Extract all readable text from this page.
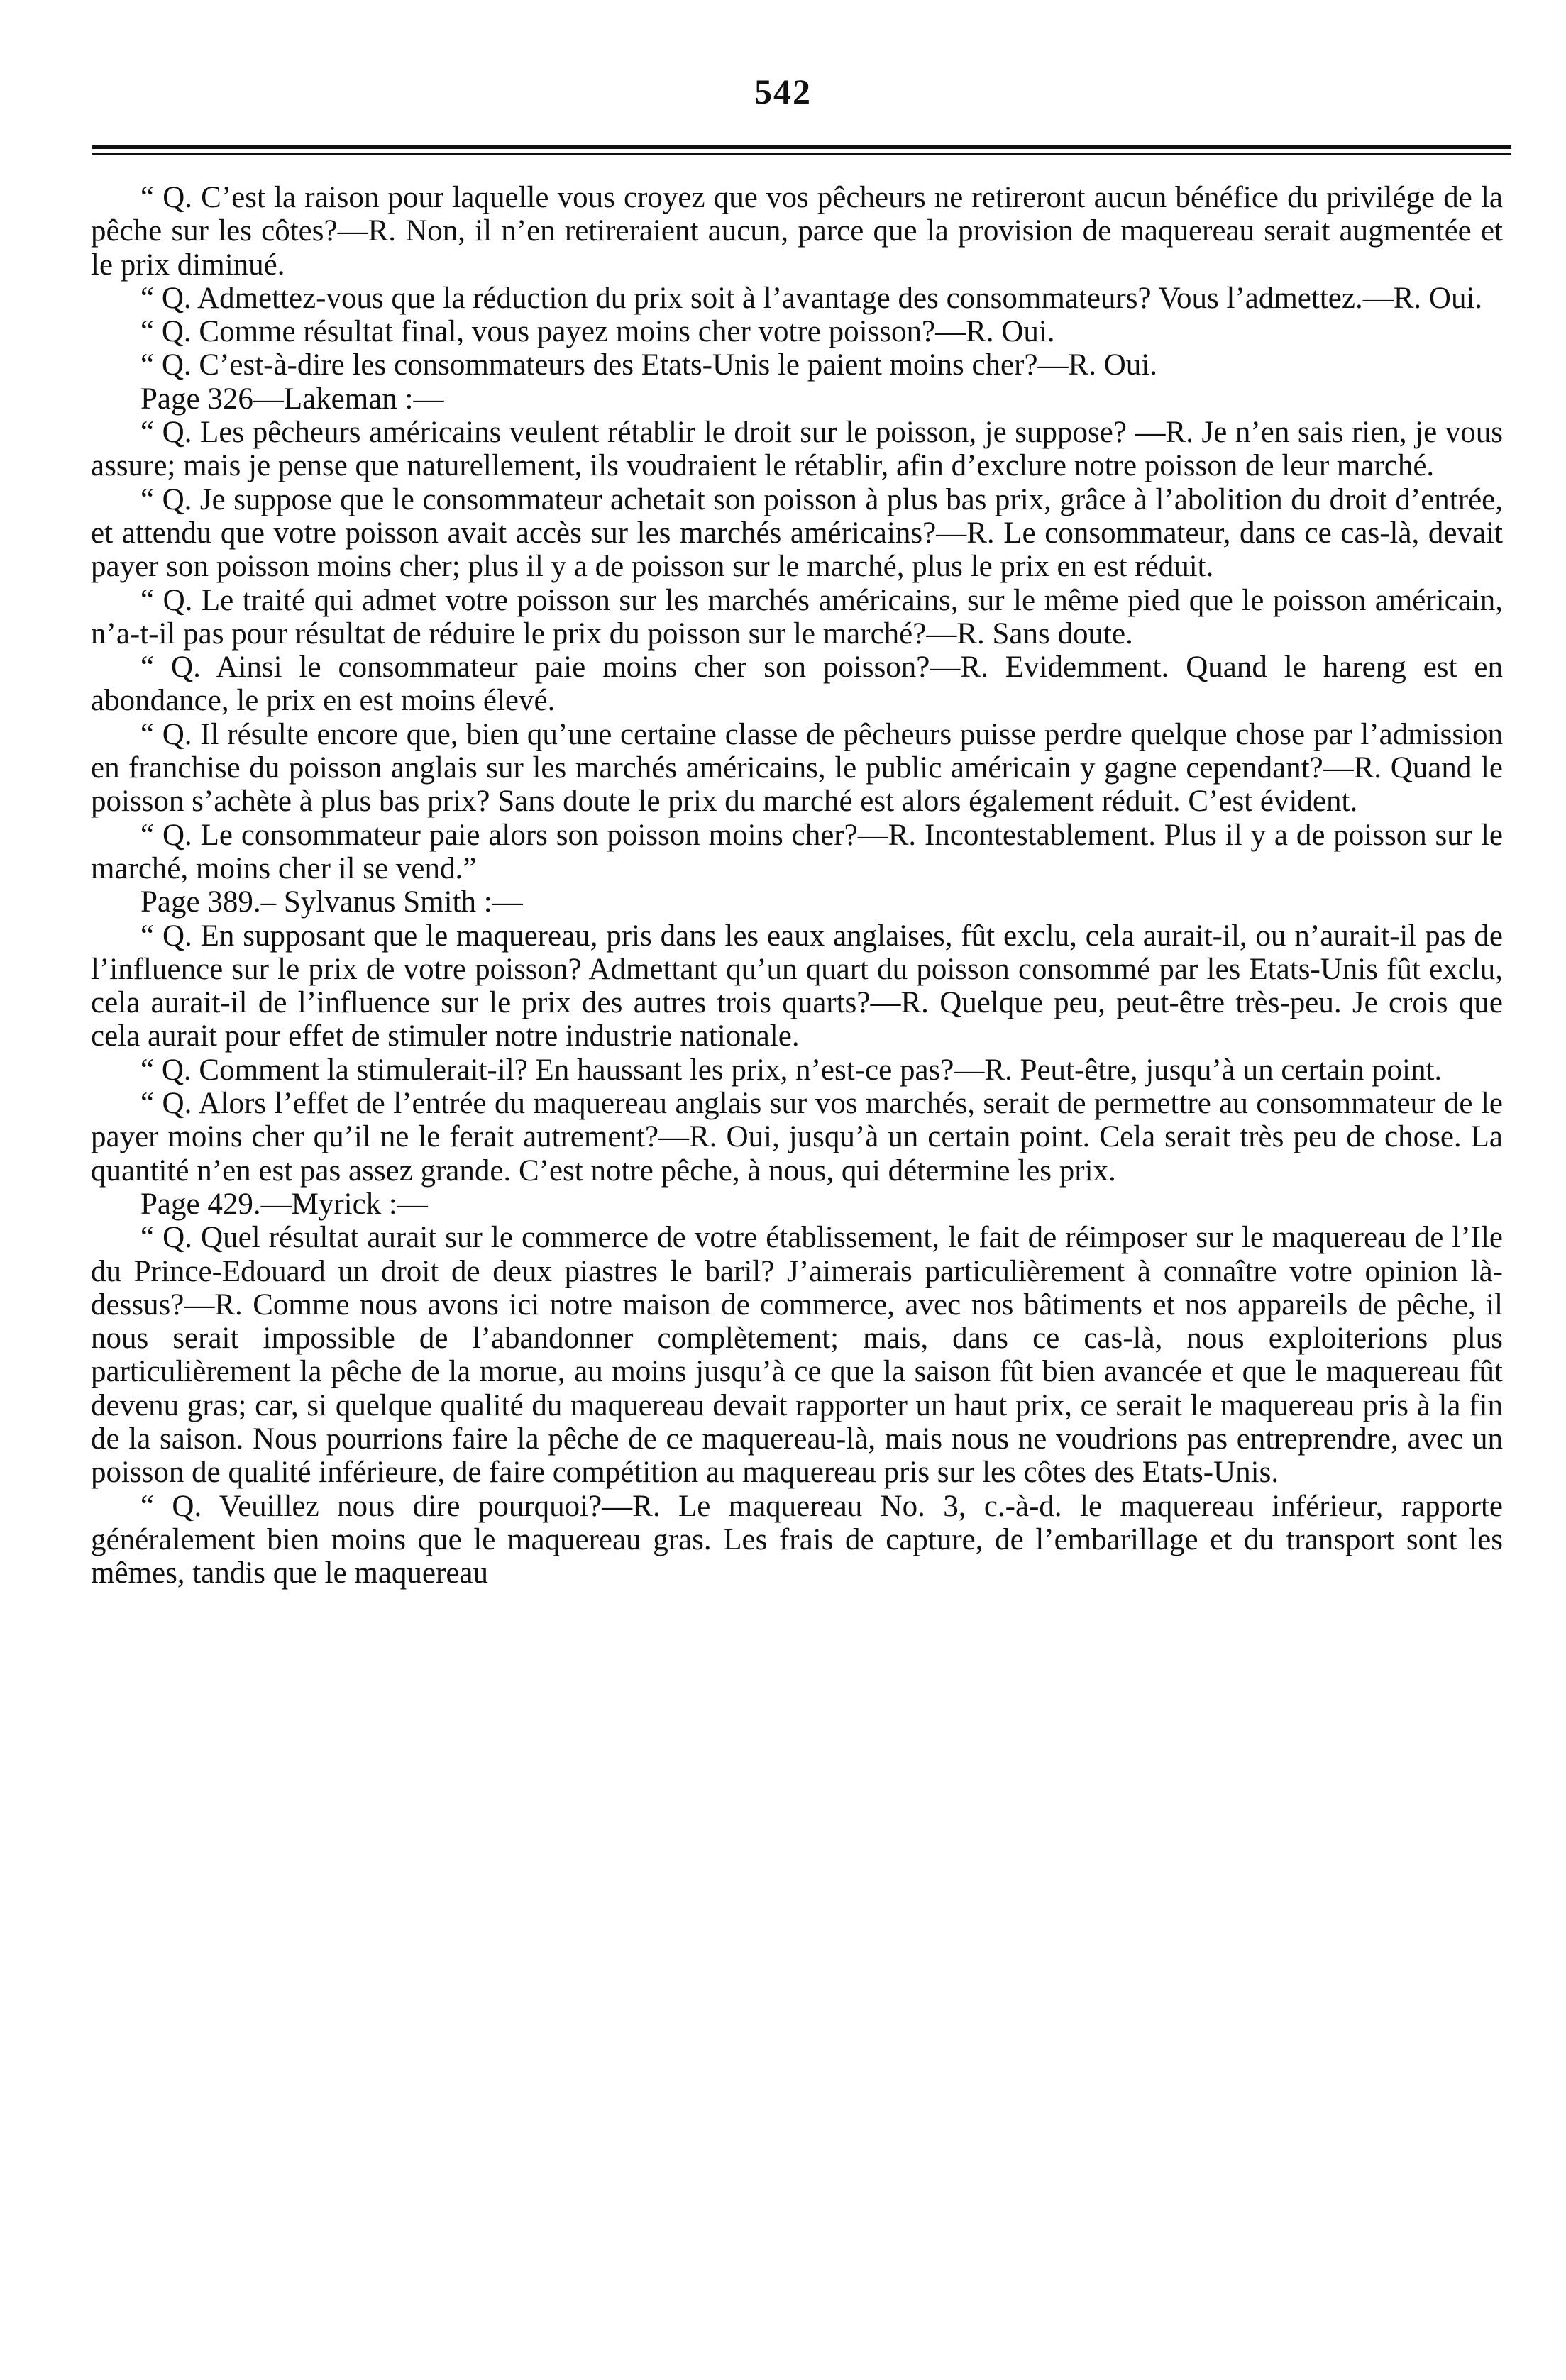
542

“ Q. C’est la raison pour laquelle vous croyez que vos pêcheurs ne retireront aucun bénéfice du privilége de la pêche sur les côtes?—R. Non, il n’en retireraient aucun, parce que la provision de maquereau serait augmentée et le prix diminué.

“ Q. Admettez-vous que la réduction du prix soit à l’avantage des consommateurs? Vous l’admettez.—R. Oui.

“ Q. Comme résultat final, vous payez moins cher votre poisson?—R. Oui.

“ Q. C’est-à-dire les consommateurs des Etats-Unis le paient moins cher?—R. Oui.

Page 326—Lakeman :—

“ Q. Les pêcheurs américains veulent rétablir le droit sur le poisson, je suppose? —R. Je n’en sais rien, je vous assure; mais je pense que naturellement, ils voudraient le rétablir, afin d’exclure notre poisson de leur marché.

“ Q. Je suppose que le consommateur achetait son poisson à plus bas prix, grâce à l’abolition du droit d’entrée, et attendu que votre poisson avait accès sur les marchés américains?—R. Le consommateur, dans ce cas-là, devait payer son poisson moins cher; plus il y a de poisson sur le marché, plus le prix en est réduit.

“ Q. Le traité qui admet votre poisson sur les marchés américains, sur le même pied que le poisson américain, n’a-t-il pas pour résultat de réduire le prix du poisson sur le marché?—R. Sans doute.

“ Q. Ainsi le consommateur paie moins cher son poisson?—R. Evidemment. Quand le hareng est en abondance, le prix en est moins élevé.

“ Q. Il résulte encore que, bien qu’une certaine classe de pêcheurs puisse perdre quelque chose par l’admission en franchise du poisson anglais sur les marchés américains, le public américain y gagne cependant?—R. Quand le poisson s’achète à plus bas prix? Sans doute le prix du marché est alors également réduit. C’est évident.

“ Q. Le consommateur paie alors son poisson moins cher?—R. Incontestablement. Plus il y a de poisson sur le marché, moins cher il se vend.”

Page 389.– Sylvanus Smith :—

“ Q. En supposant que le maquereau, pris dans les eaux anglaises, fût exclu, cela aurait-il, ou n’aurait-il pas de l’influence sur le prix de votre poisson? Admettant qu’un quart du poisson consommé par les Etats-Unis fût exclu, cela aurait-il de l’influence sur le prix des autres trois quarts?—R. Quelque peu, peut-être très-peu. Je crois que cela aurait pour effet de stimuler notre industrie nationale.

“ Q. Comment la stimulerait-il? En haussant les prix, n’est-ce pas?—R. Peut-être, jusqu’à un certain point.

“ Q. Alors l’effet de l’entrée du maquereau anglais sur vos marchés, serait de permettre au consommateur de le payer moins cher qu’il ne le ferait autrement?—R. Oui, jusqu’à un certain point. Cela serait très peu de chose. La quantité n’en est pas assez grande. C’est notre pêche, à nous, qui détermine les prix.

Page 429.—Myrick :—

“ Q. Quel résultat aurait sur le commerce de votre établissement, le fait de réimposer sur le maquereau de l’Ile du Prince-Edouard un droit de deux piastres le baril? J’aimerais particulièrement à connaître votre opinion là-dessus?—R. Comme nous avons ici notre maison de commerce, avec nos bâtiments et nos appareils de pêche, il nous serait impossible de l’abandonner complètement; mais, dans ce cas-là, nous exploiterions plus particulièrement la pêche de la morue, au moins jusqu’à ce que la saison fût bien avancée et que le maquereau fût devenu gras; car, si quelque qualité du maquereau devait rapporter un haut prix, ce serait le maquereau pris à la fin de la saison. Nous pourrions faire la pêche de ce maquereau-là, mais nous ne voudrions pas entreprendre, avec un poisson de qualité inférieure, de faire compétition au maquereau pris sur les côtes des Etats-Unis.

“ Q. Veuillez nous dire pourquoi?—R. Le maquereau No. 3, c.-à-d. le maquereau inférieur, rapporte généralement bien moins que le maquereau gras. Les frais de capture, de l’embarillage et du transport sont les mêmes, tandis que le maquereau
